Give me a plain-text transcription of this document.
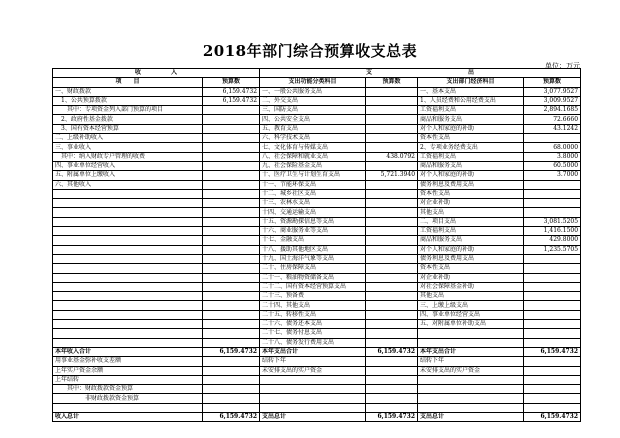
2018年部门综合预算收支总表
单位：万元
收　　　　　入		支　　　　　　　　　　　　　　　　出			
项　　目	预算数	支出功能分类科目	预算数	支出部门经济科目	预算数
一、财政拨款	6,159.4732	一、一般公共服务支出		一、基本支出	3,077.9527
　1、公共预算拨款	6,159.4732	二、外交支出		1、人员经费和公用经费支出	3,009.9527
　　其中：专项资金列入部门预算的项目		三、国防支出		工资福利支出	2,894.1685
　2、政府性基金拨款		四、公共安全支出		商品和服务支出	72.6660
　3、国有资本经营预算		五、教育支出		对个人和家庭的补助	43.1242
二、上级补助收入		六、科学技术支出		资本性支出	
三、事业收入		七、文化体育与传媒支出		2、专项业务经费支出	68.0000
　其中：纳入财政专户管理的收费		八、社会保障和就业支出	438.0792	工资福利支出	3.8000
四、事业单位经营收入		九、社会保险基金支出		商品和服务支出	60.5000
五、附属单位上缴收入		十、医疗卫生与计划生育支出	5,721.3940	对个人和家庭的补助	3.7000
六、其他收入		十一、节能环保支出		债务利息及费用支出	
		十二、城乡社区支出		资本性支出	
		十三、农林水支出		对企业补助	
		十四、交通运输支出		其他支出	
		十五、资源勘探信息等支出		二、项目支出	3,081.5205
		十六、商业服务业等支出		工资福利支出	1,416.1500
		十七、金融支出		商品和服务支出	429.8000
		十八、援助其他地区支出		对个人和家庭的补助	1,235.5705
		十九、国土海洋气象等支出		债务利息及费用支出	
		二十、住房保障支出		资本性支出	
		二十一、粮油物资储备支出		对企业补助	
		二十二、国有资本经营预算支出		对社会保障基金补助	
		二十三、预备费		其他支出	
		二十四、其他支出		三、上缴上级支出	
		二十五、转移性支出		四、事业单位经营支出	
		二十六、债务还本支出		五、对附属单位补助支出	
		二十七、债务付息支出			
		二十八、债务发行费用支出			
本年收入合计	6,159.4732	本年支出合计	6,159.4732	本年支出合计	6,159.4732
用事业基金弥补收支差额		结转下年		结转下年	
上年实户资金余额		未安排支出的实户资金		未安排支出的实户资金	
上年结转					
　　其中：财政拨款资金预算					
　　　　　非财政拨款资金预算					

收入总计	6,159.4732	支出总计	6,159.4732	支出总计	6,159.4732
